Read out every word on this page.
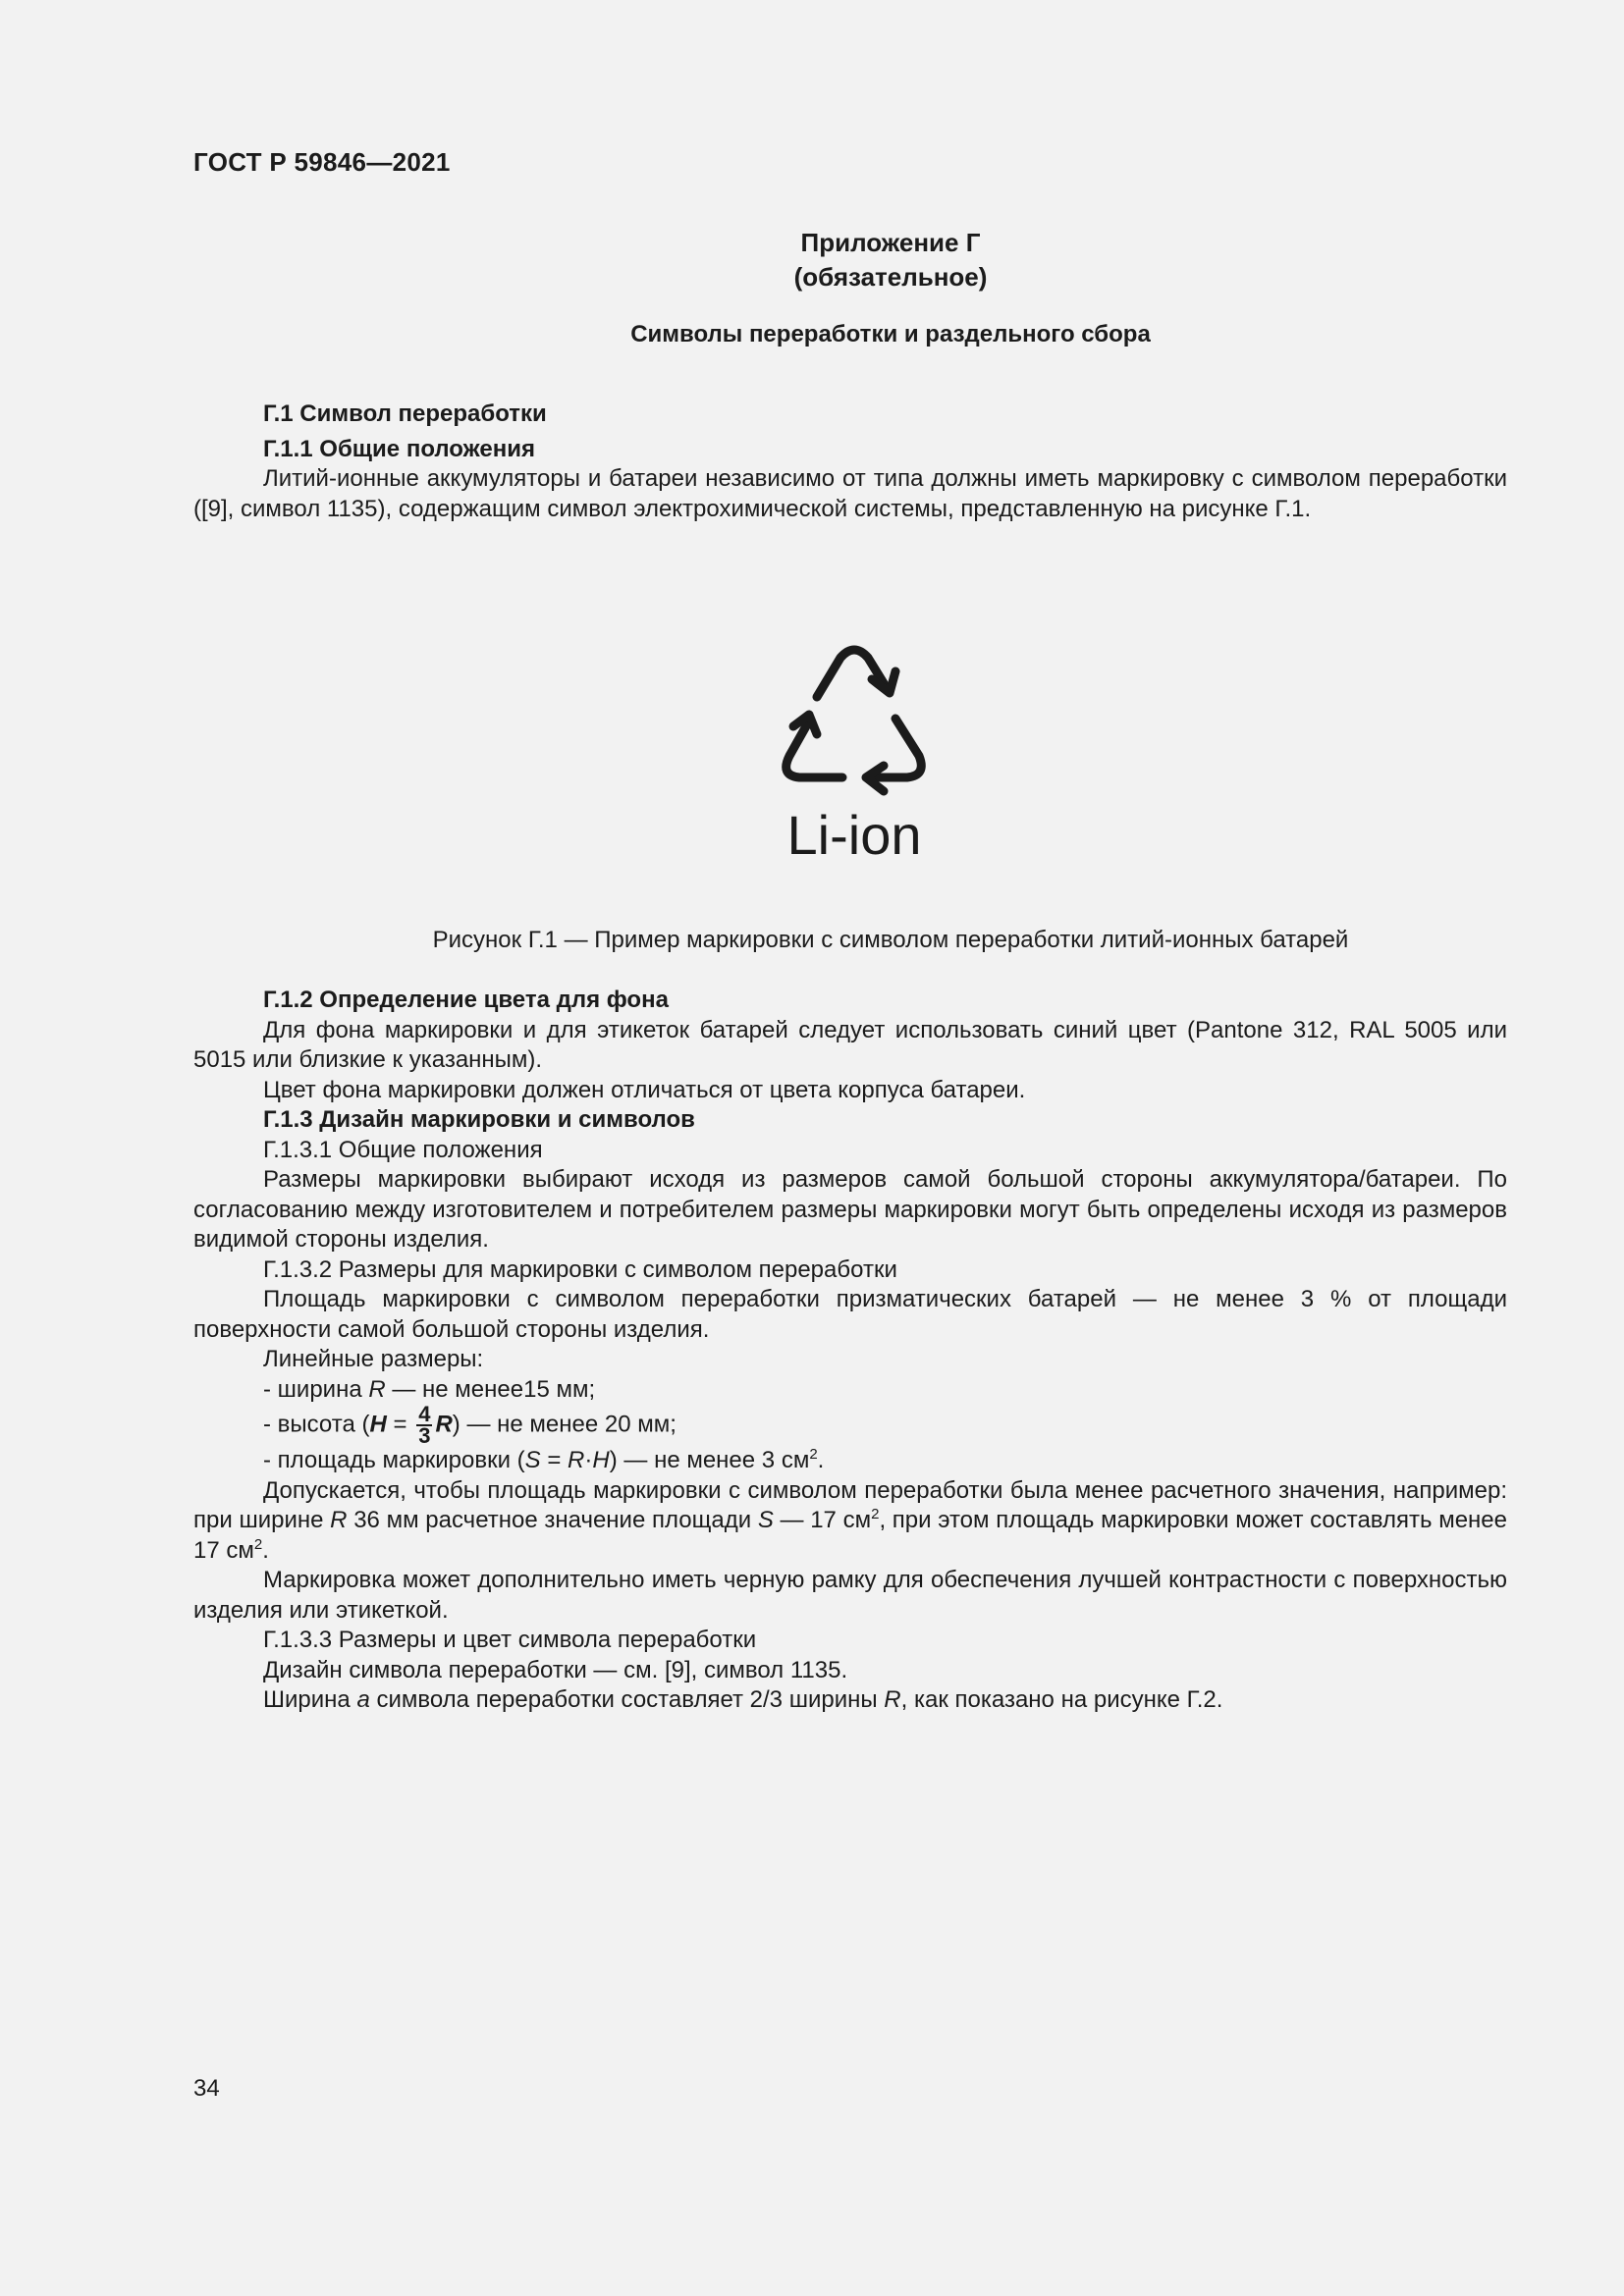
ГОСТ Р 59846—2021
Приложение Г
(обязательное)
Символы переработки и раздельного сбора
Г.1 Символ переработки
Г.1.1 Общие положения
Литий-ионные аккумуляторы и батареи независимо от типа должны иметь маркировку с символом переработки ([9], символ 1135), содержащим символ электрохимической системы, представленную на рисунке Г.1.
Li-ion
Рисунок Г.1 — Пример маркировки с символом переработки литий-ионных батарей
Г.1.2 Определение цвета для фона
Для фона маркировки и для этикеток батарей следует использовать синий цвет (Pantone 312, RAL 5005 или 5015 или близкие к указанным).
Цвет фона маркировки должен отличаться от цвета корпуса батареи.
Г.1.3 Дизайн маркировки и символов
Г.1.3.1 Общие положения
Размеры маркировки выбирают исходя из размеров самой большой стороны аккумулятора/батареи. По согласованию между изготовителем и потребителем размеры маркировки могут быть определены исходя из размеров видимой стороны изделия.
Г.1.3.2 Размеры для маркировки с символом переработки
Площадь маркировки с символом переработки призматических батарей — не менее 3 % от площади поверхности самой большой стороны изделия.
Линейные размеры:
- ширина R — не менее15 мм;
- высота $(H = \frac{4}{3} R)$ — не менее 20 мм;
- площадь маркировки (S = R·H) — не менее 3 $см^2$.
Допускается, чтобы площадь маркировки с символом переработки была менее расчетного значения, например: при ширине R 36 мм расчетное значение площади S — 17 $см^2$, при этом площадь маркировки может составлять менее 17 $см^2$.
Маркировка может дополнительно иметь черную рамку для обеспечения лучшей контрастности с поверхностью изделия или этикеткой.
Г.1.3.3 Размеры и цвет символа переработки
Дизайн символа переработки — см. [9], символ 1135.
Ширина a символа переработки составляет 2/3 ширины R, как показано на рисунке Г.2.
34
